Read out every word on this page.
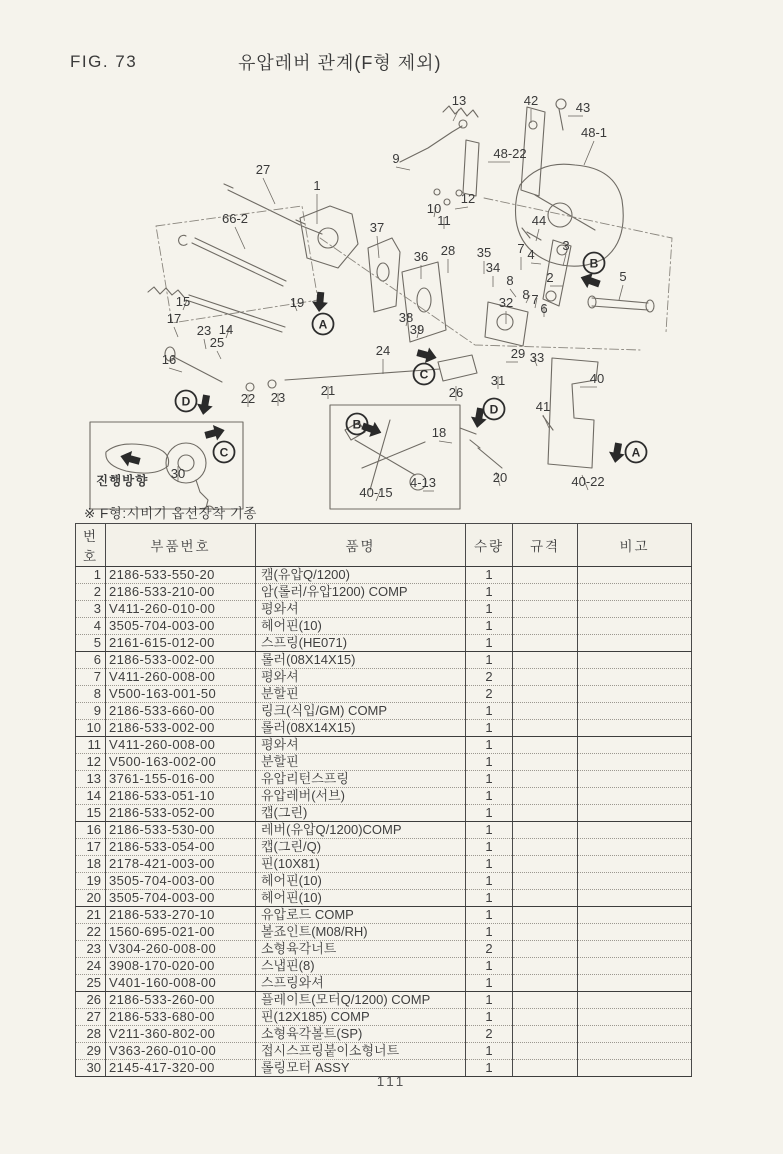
FIG. 73	유압레버 관계(F형 제외)
27
1
66-2
9
13	42	43
48-1
48-22
12
10
11	44
37
36 28 35
34
7 4
3
2
8
8 7
6
5
15	19
17
23 14
25
16
22 23	21
24
38
39
32
29 33
31
26
40
41
18
20	40-22
40-15
4-13
30
A
B
C
D
C
B
D
A
진행방향
※ F형:시비기 옵션장착 기종
번호	부품번호	품명	수량	규격	비고
1	2186-533-550-20	캠(유압Q/1200)	1		
2	2186-533-210-00	암(롤러/유압1200) COMP	1		
3	V411-260-010-00	평와셔	1		
4	3505-704-003-00	헤어핀(10)	1		
5	2161-615-012-00	스프링(HE071)	1		
6	2186-533-002-00	롤러(08X14X15)	1		
7	V411-260-008-00	평와셔	2		
8	V500-163-001-50	분할핀	2		
9	2186-533-660-00	링크(식입/GM) COMP	1		
10	2186-533-002-00	롤러(08X14X15)	1		
11	V411-260-008-00	평와셔	1		
12	V500-163-002-00	분할핀	1		
13	3761-155-016-00	유압리턴스프링	1		
14	2186-533-051-10	유압레버(서브)	1		
15	2186-533-052-00	캡(그린)	1		
16	2186-533-530-00	레버(유압Q/1200)COMP	1		
17	2186-533-054-00	캡(그린/Q)	1		
18	2178-421-003-00	핀(10X81)	1		
19	3505-704-003-00	헤어핀(10)	1		
20	3505-704-003-00	헤어핀(10)	1		
21	2186-533-270-10	유압로드 COMP	1		
22	1560-695-021-00	볼죠인트(M08/RH)	1		
23	V304-260-008-00	소형육각너트	2		
24	3908-170-020-00	스냅핀(8)	1		
25	V401-160-008-00	스프링와셔	1		
26	2186-533-260-00	플레이트(모터Q/1200) COMP	1		
27	2186-533-680-00	핀(12X185) COMP	1		
28	V211-360-802-00	소형육각볼트(SP)	2		
29	V363-260-010-00	접시스프링붙이소형너트	1		
30	2145-417-320-00	롤링모터 ASSY	1		
111
